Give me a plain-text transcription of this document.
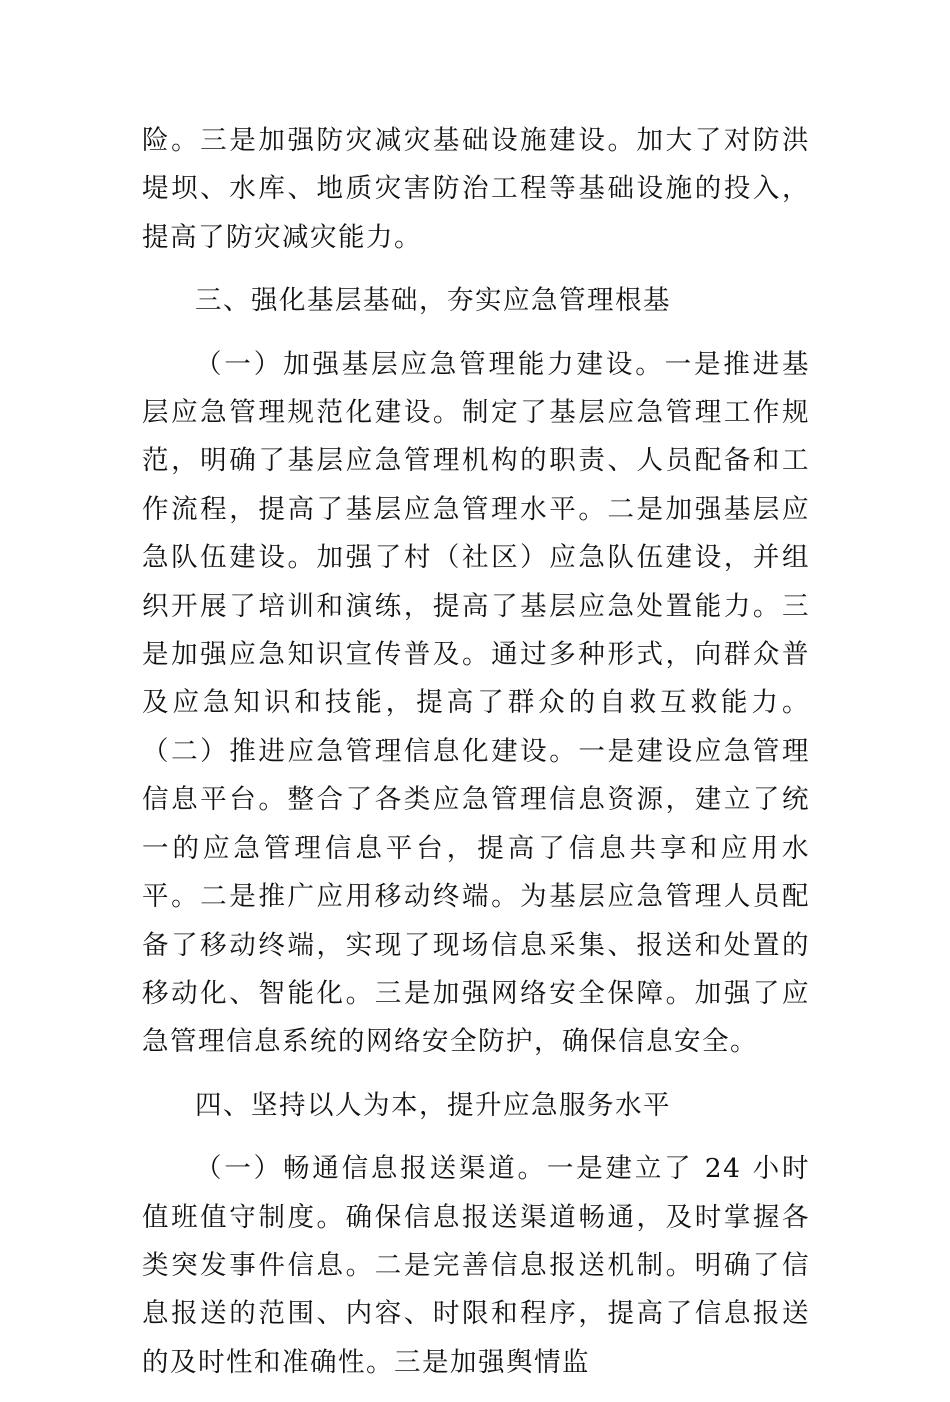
险。三是加强防灾减灾基础设施建设。加大了对防洪堤坝、水库、地质灾害防治工程等基础设施的投入，提高了防灾减灾能力。

三、强化基层基础，夯实应急管理根基

（一）加强基层应急管理能力建设。一是推进基层应急管理规范化建设。制定了基层应急管理工作规范，明确了基层应急管理机构的职责、人员配备和工作流程，提高了基层应急管理水平。二是加强基层应急队伍建设。加强了村（社区）应急队伍建设，并组织开展了培训和演练，提高了基层应急处置能力。三是加强应急知识宣传普及。通过多种形式，向群众普及应急知识和技能，提高了群众的自救互救能力。（二）推进应急管理信息化建设。一是建设应急管理信息平台。整合了各类应急管理信息资源，建立了统一的应急管理信息平台，提高了信息共享和应用水平。二是推广应用移动终端。为基层应急管理人员配备了移动终端，实现了现场信息采集、报送和处置的移动化、智能化。三是加强网络安全保障。加强了应急管理信息系统的网络安全防护，确保信息安全。

四、坚持以人为本，提升应急服务水平

（一）畅通信息报送渠道。一是建立了 24 小时值班值守制度。确保信息报送渠道畅通，及时掌握各类突发事件信息。二是完善信息报送机制。明确了信息报送的范围、内容、时限和程序，提高了信息报送的及时性和准确性。三是加强舆情监
